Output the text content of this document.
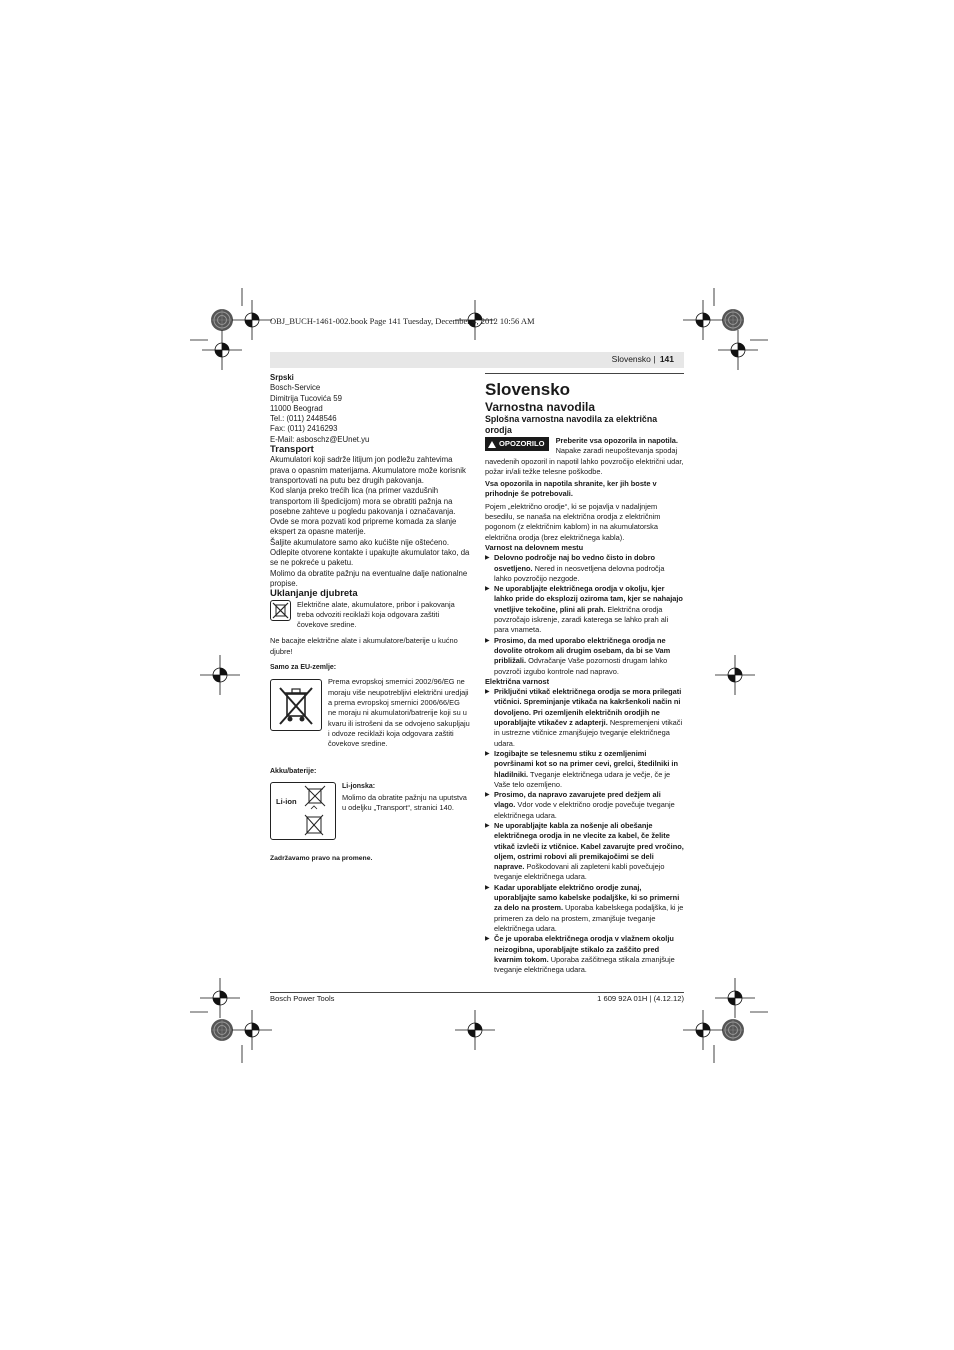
OBJ_BUCH-1461-002.book Page 141 Tuesday, December 4, 2012 10:56 AM
Slovensko | 141

Srpski

Bosch-Service

Dimitrija Tucovića 59

11000 Beograd

Tel.: (011) 2448546

Fax: (011) 2416293

E-Mail: asboschz@EUnet.yu

Transport

Akumulatori koji sadrže litijum jon podležu zahtevima prava o opasnim materijama. Akumulatore može korisnik transportovati na putu bez drugih pakovanja.

Kod slanja preko trećih lica (na primer vazdušnih transportom ili špedicijom) mora se obratiti pažnja na posebne zahteve u pogledu pakovanja i označavanja. Ovde se mora pozvati kod pripreme komada za slanje ekspert za opasne materije.

Šaljite akumulatore samo ako kućište nije oštećeno. Odlepite otvorene kontakte i upakujte akumulator tako, da se ne pokreće u paketu.

Molimo da obratite pažnju na eventualne dalje nationalne propise.

Uklanjanje djubreta

Električne alate, akumulatore, pribor i pakovanja treba odvoziti reciklaži koja odgovara zaštiti čovekove sredine.

Ne bacajte električne alate i akumulatore/baterije u kućno djubre!

Samo za EU-zemlje:

Prema evropskoj smernici 2002/96/EG ne moraju više neupotrebljivi električni uredjaji a prema evropskoj smernici 2006/66/EG ne moraju ni akumulatori/batrerije koji su u kvaru ili istrošeni da se odvojeno sakupljaju i odvoze reciklaži koja odgovara zaštiti čovekove sredine.

Akku/baterije:

Li-ion

Li-jonska:

Molimo da obratite pažnju na uputstva u odeljku „Transport“, stranici 140.

Zadržavamo pravo na promene.

Slovensko

Varnostna navodila

Splošna varnostna navodila za električna orodja

OPOZORILO	Preberite vsa opozorila in napotila. Napake zaradi neupoštevanja spodaj navedenih opozoril in napotil lahko povzročijo električni udar, požar in/ali težke telesne poškodbe.

Vsa opozorila in napotila shranite, ker jih boste v prihodnje še potrebovali.

Pojem „električno orodje“, ki se pojavlja v nadaljnjem besedilu, se nanaša na električna orodja z električnim pogonom (z električnim kablom) in na akumulatorska električna orodja (brez električnega kabla).

Varnost na delovnem mestu

▶ Delovno področje naj bo vedno čisto in dobro osvetljeno. Nered in neosvetljena delovna področja lahko povzročijo nezgode.

▶ Ne uporabljajte električnega orodja v okolju, kjer lahko pride do eksplozij oziroma tam, kjer se nahajajo vnetljive tekočine, plini ali prah. Električna orodja povzročajo iskrenje, zaradi katerega se lahko prah ali para vnameta.

▶ Prosimo, da med uporabo električnega orodja ne dovolite otrokom ali drugim osebam, da bi se Vam približali. Odvračanje Vaše pozornosti drugam lahko povzroči izgubo kontrole nad napravo.

Električna varnost

▶ Priključni vtikač električnega orodja se mora prilegati vtičnici. Spreminjanje vtikača na kakršenkoli način ni dovoljeno. Pri ozemljenih električnih orodjih ne uporabljajte vtikačev z adapterji. Nespremenjeni vtikači in ustrezne vtičnice zmanjšujejo tveganje električnega udara.

▶ Izogibajte se telesnemu stiku z ozemljenimi površinami kot so na primer cevi, grelci, štedilniki in hladilniki. Tveganje električnega udara je večje, če je Vaše telo ozemljeno.

▶ Prosimo, da napravo zavarujete pred dežjem ali vlago. Vdor vode v električno orodje povečuje tveganje električnega udara.

▶ Ne uporabljajte kabla za nošenje ali obešanje električnega orodja in ne vlecite za kabel, če želite vtikač izvleči iz vtičnice. Kabel zavarujte pred vročino, oljem, ostrimi robovi ali premikajočimi se deli naprave. Poškodovani ali zapleteni kabli povečujejo tveganje električnega udara.

▶ Kadar uporabljate električno orodje zunaj, uporabljajte samo kabelske podaljške, ki so primerni za delo na prostem. Uporaba kabelskega podaljška, ki je primeren za delo na prostem, zmanjšuje tveganje električnega udara.

▶ Če je uporaba električnega orodja v vlažnem okolju neizogibna, uporabljajte stikalo za zaščito pred kvarnim tokom. Uporaba zaščitnega stikala zmanjšuje tveganje električnega udara.

Bosch Power Tools	1 609 92A 01H | (4.12.12)
